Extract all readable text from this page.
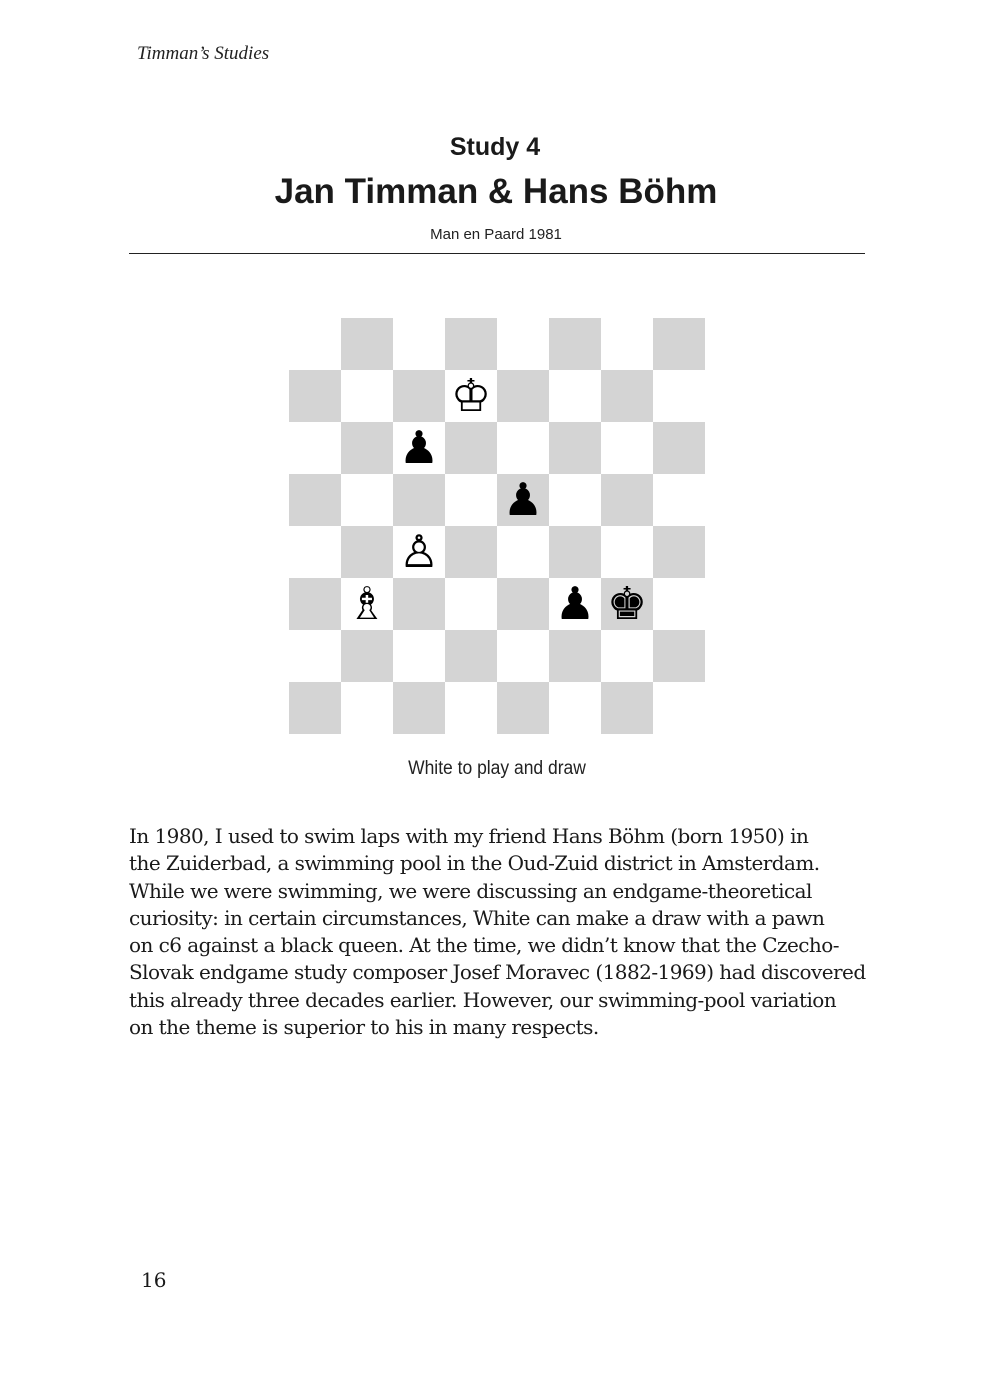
Timman’s Studies
Study 4
Jan Timman & Hans Böhm
Man en Paard 1981
♔
♟
♟
♙
♗	♟ ♚
White to play and draw
In 1980, I used to swim laps with my friend Hans Böhm (born 1950) in
the Zuiderbad, a swimming pool in the Oud-Zuid district in Amsterdam.
While we were swimming, we were discussing an endgame-theoretical
curiosity: in certain circumstances, White can make a draw with a pawn
on c6 against a black queen. At the time, we didn’t know that the Czecho-
Slovak endgame study composer Josef Moravec (1882-1969) had discovered
this already three decades earlier. However, our swimming-pool variation
on the theme is superior to his in many respects.
16
